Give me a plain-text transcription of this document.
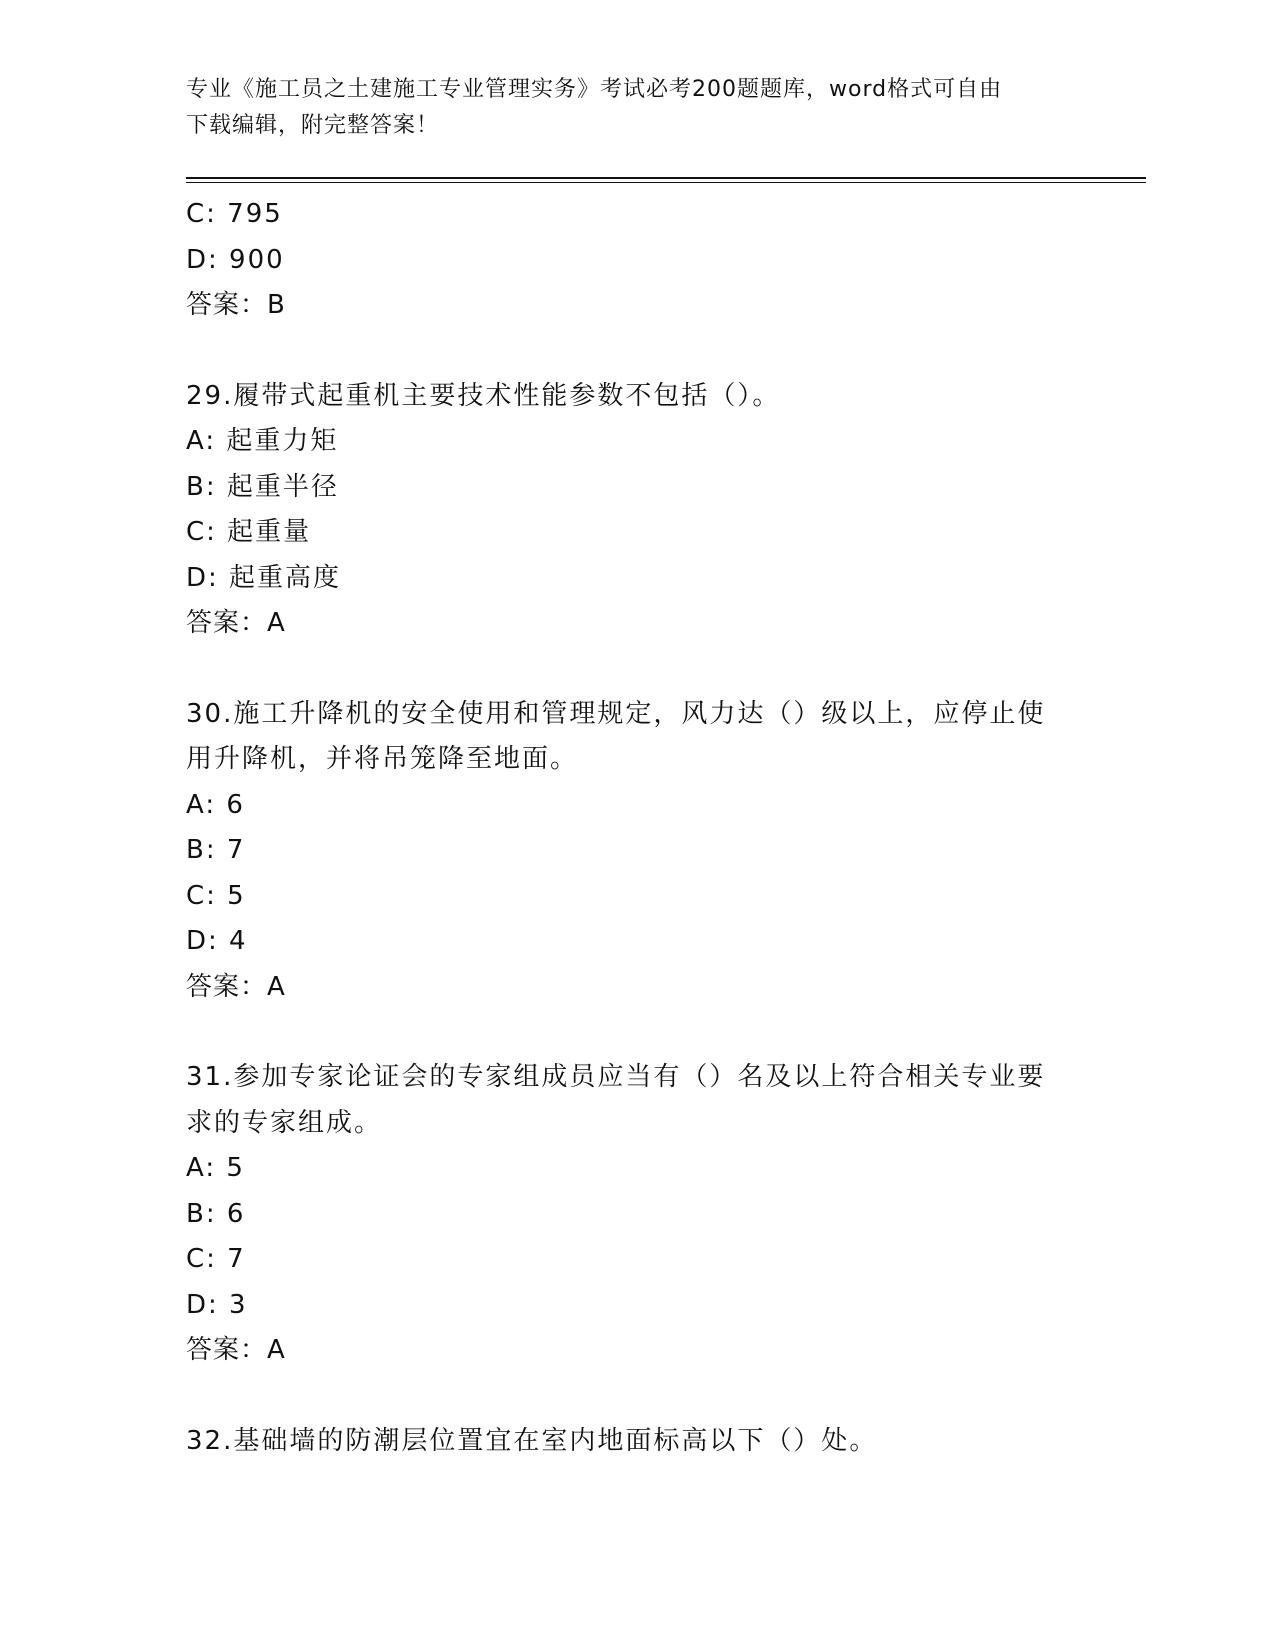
专业《施工员之土建施工专业管理实务》考试必考200题题库，word格式可自由
下载编辑，附完整答案！
C: 795
D: 900
答案：B
29.履带式起重机主要技术性能参数不包括（）。
A: 起重力矩
B: 起重半径
C: 起重量
D: 起重高度
答案：A
30.施工升降机的安全使用和管理规定，风力达（）级以上，应停止使
用升降机，并将吊笼降至地面。
A: 6
B: 7
C: 5
D: 4
答案：A
31.参加专家论证会的专家组成员应当有（）名及以上符合相关专业要
求的专家组成。
A: 5
B: 6
C: 7
D: 3
答案：A
32.基础墙的防潮层位置宜在室内地面标高以下（）处。
